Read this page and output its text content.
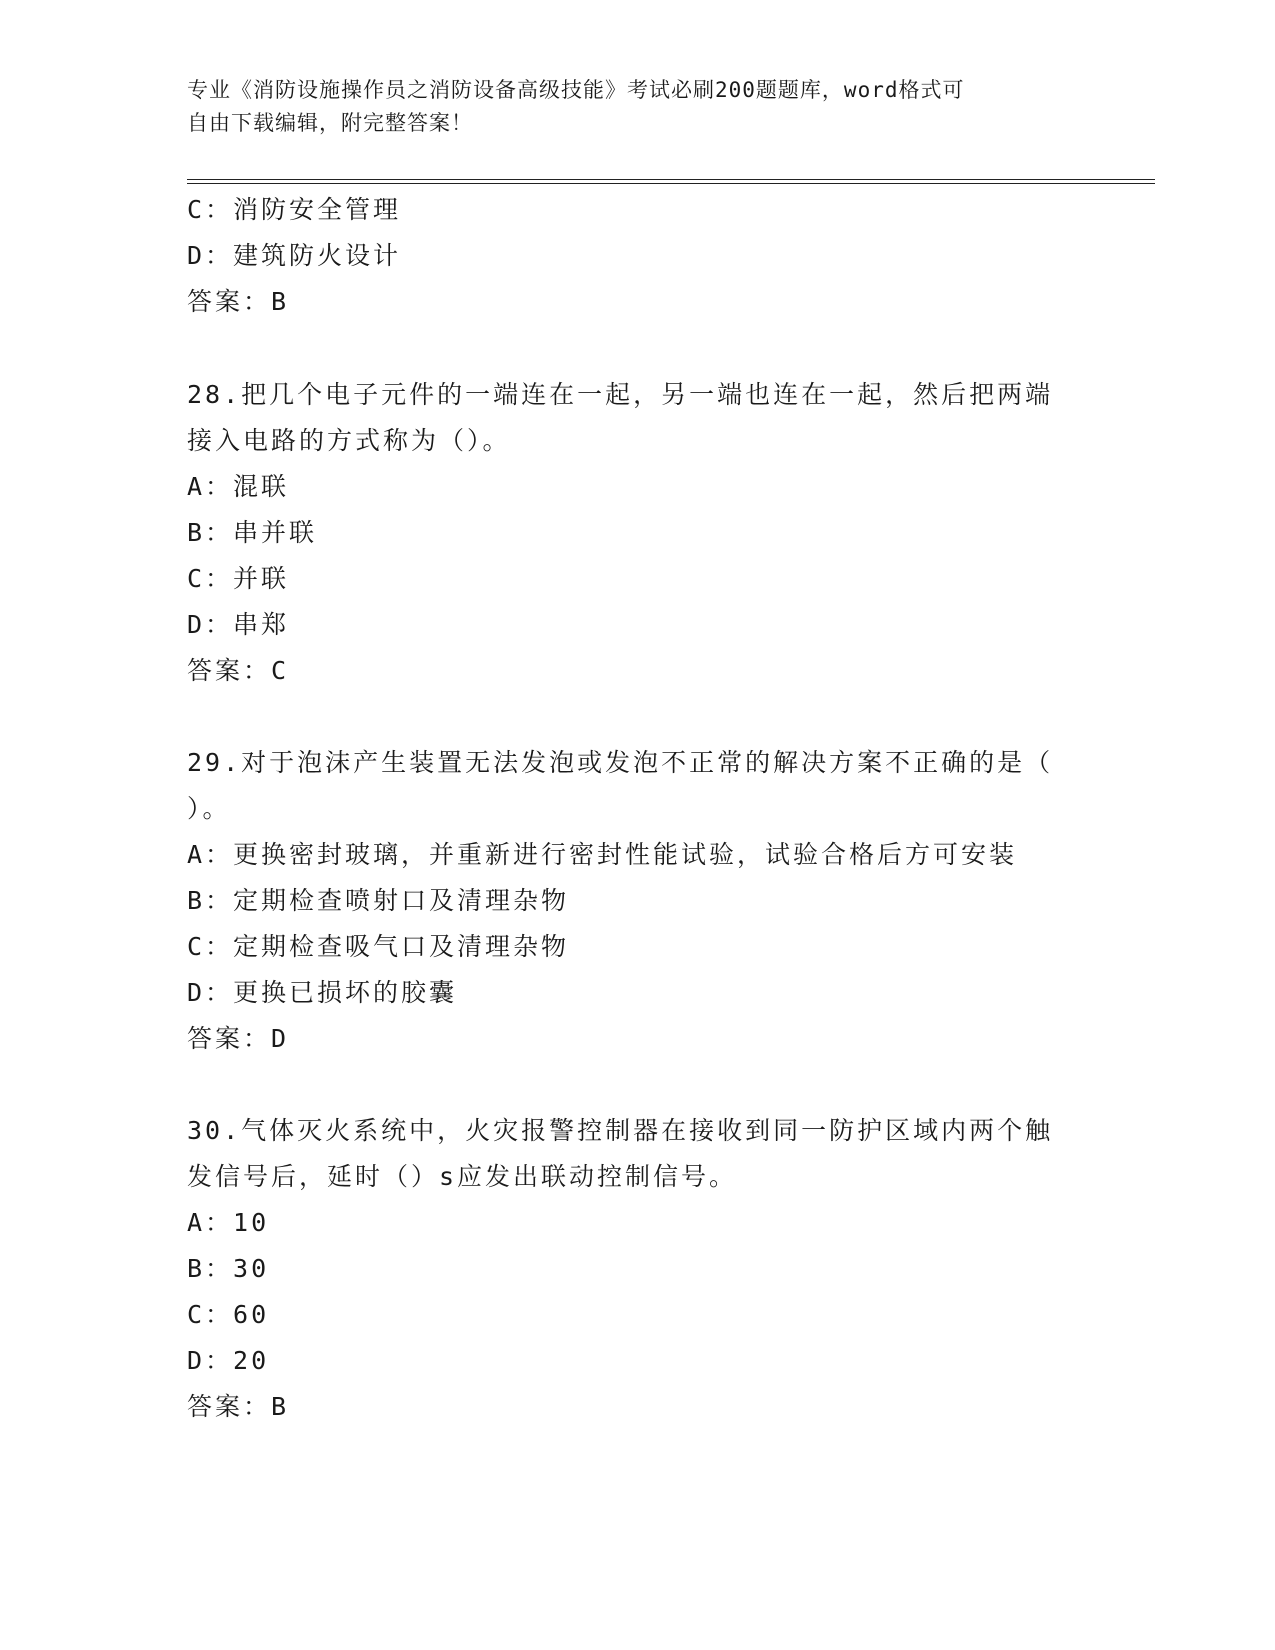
专业《消防设施操作员之消防设备高级技能》考试必刷200题题库，word格式可
自由下载编辑，附完整答案！
C：消防安全管理
D：建筑防火设计
答案：B
28.把几个电子元件的一端连在一起，另一端也连在一起，然后把两端
接入电路的方式称为（）。
A：混联
B：串并联
C：并联
D：串郑
答案：C
29.对于泡沫产生装置无法发泡或发泡不正常的解决方案不正确的是（
）。
A：更换密封玻璃，并重新进行密封性能试验，试验合格后方可安装
B：定期检查喷射口及清理杂物
C：定期检查吸气口及清理杂物
D：更换已损坏的胶囊
答案：D
30.气体灭火系统中，火灾报警控制器在接收到同一防护区域内两个触
发信号后，延时（）s应发出联动控制信号。
A：10
B：30
C：60
D：20
答案：B
